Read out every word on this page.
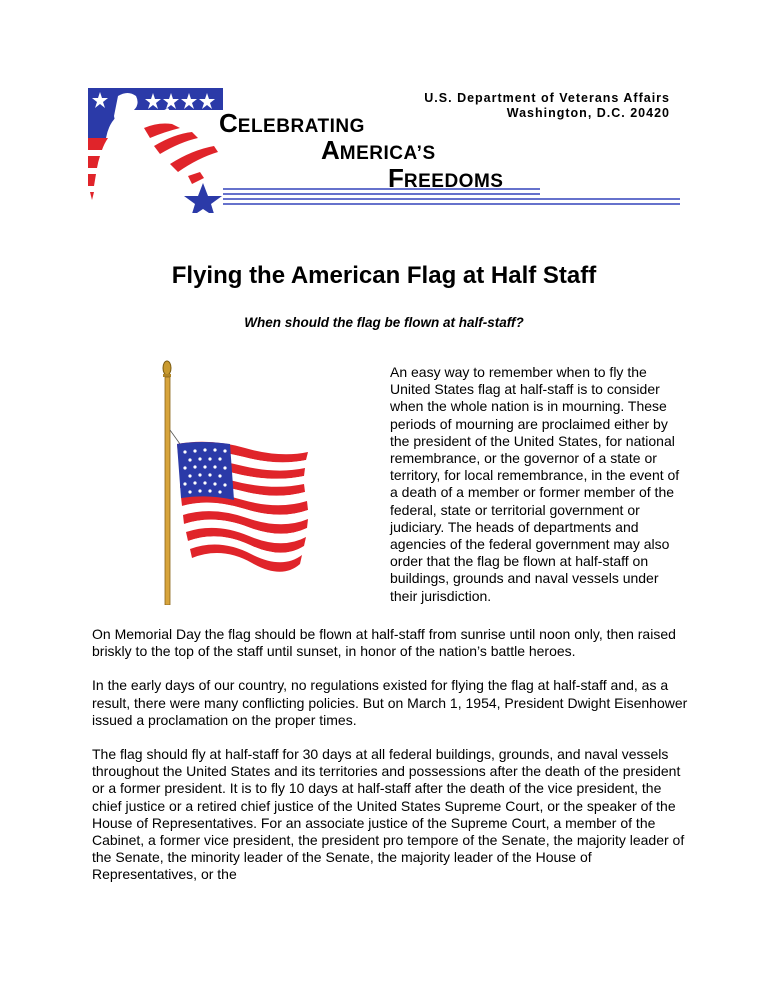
U.S. Department of Veterans Affairs
Washington, D.C. 20420
CELEBRATING
AMERICA’S
FREEDOMS
Flying the American Flag at Half Staff
When should the flag be flown at half-staff?

An easy way to remember when to fly the United States flag at half-staff is to consider when the whole nation is in mourning. These periods of mourning are proclaimed either by the president of the United States, for national remembrance, or the governor of a state or territory, for local remembrance, in the event of a death of a member or former member of the federal, state or territorial government or judiciary. The heads of departments and agencies of the federal government may also order that the flag be flown at half-staff on buildings, grounds and naval vessels under their jurisdiction.

On Memorial Day the flag should be flown at half-staff from sunrise until noon only, then raised briskly to the top of the staff until sunset, in honor of the nation’s battle heroes.

In the early days of our country, no regulations existed for flying the flag at half-staff and, as a result, there were many conflicting policies. But on March 1, 1954, President Dwight Eisenhower issued a proclamation on the proper times.

The flag should fly at half-staff for 30 days at all federal buildings, grounds, and naval vessels throughout the United States and its territories and possessions after the death of the president or a former president. It is to fly 10 days at half-staff after the death of the vice president, the chief justice or a retired chief justice of the United States Supreme Court, or the speaker of the House of Representatives. For an associate justice of the Supreme Court, a member of the Cabinet, a former vice president, the president pro tempore of the Senate, the majority leader of the Senate, the minority leader of the Senate, the majority leader of the House of Representatives, or the
